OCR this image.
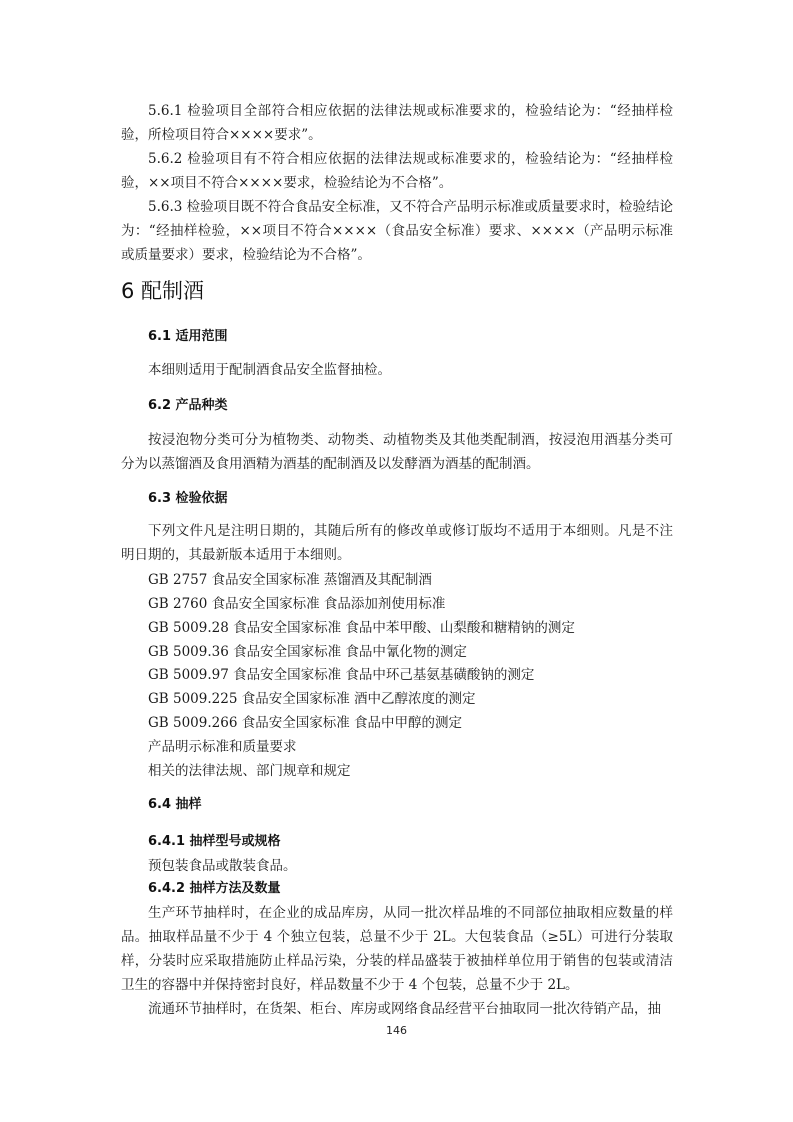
5.6.1 检验项目全部符合相应依据的法律法规或标准要求的，检验结论为：“经抽样检验，所检项目符合××××要求”。

5.6.2 检验项目有不符合相应依据的法律法规或标准要求的，检验结论为：“经抽样检验，××项目不符合××××要求，检验结论为不合格”。

5.6.3 检验项目既不符合食品安全标准，又不符合产品明示标准或质量要求时，检验结论为：“经抽样检验，××项目不符合××××（食品安全标准）要求、××××（产品明示标准或质量要求）要求，检验结论为不合格”。

6 配制酒
6.1 适用范围

本细则适用于配制酒食品安全监督抽检。

6.2 产品种类

按浸泡物分类可分为植物类、动物类、动植物类及其他类配制酒，按浸泡用酒基分类可分为以蒸馏酒及食用酒精为酒基的配制酒及以发酵酒为酒基的配制酒。

6.3 检验依据

下列文件凡是注明日期的，其随后所有的修改单或修订版均不适用于本细则。凡是不注明日期的，其最新版本适用于本细则。

GB 2757 食品安全国家标准 蒸馏酒及其配制酒
GB 2760 食品安全国家标准 食品添加剂使用标准
GB 5009.28 食品安全国家标准 食品中苯甲酸、山梨酸和糖精钠的测定
GB 5009.36 食品安全国家标准 食品中氰化物的测定
GB 5009.97 食品安全国家标准 食品中环己基氨基磺酸钠的测定
GB 5009.225 食品安全国家标准 酒中乙醇浓度的测定
GB 5009.266 食品安全国家标准 食品中甲醇的测定
产品明示标准和质量要求
相关的法律法规、部门规章和规定
6.4 抽样
6.4.1 抽样型号或规格
预包装食品或散装食品。
6.4.2 抽样方法及数量

生产环节抽样时，在企业的成品库房，从同一批次样品堆的不同部位抽取相应数量的样品。抽取样品量不少于 4 个独立包装，总量不少于 2L。大包装食品（≥5L）可进行分装取样，分装时应采取措施防止样品污染，分装的样品盛装于被抽样单位用于销售的包装或清洁卫生的容器中并保持密封良好，样品数量不少于 4 个包装，总量不少于 2L。

流通环节抽样时，在货架、柜台、库房或网络食品经营平台抽取同一批次待销产品，抽

146
